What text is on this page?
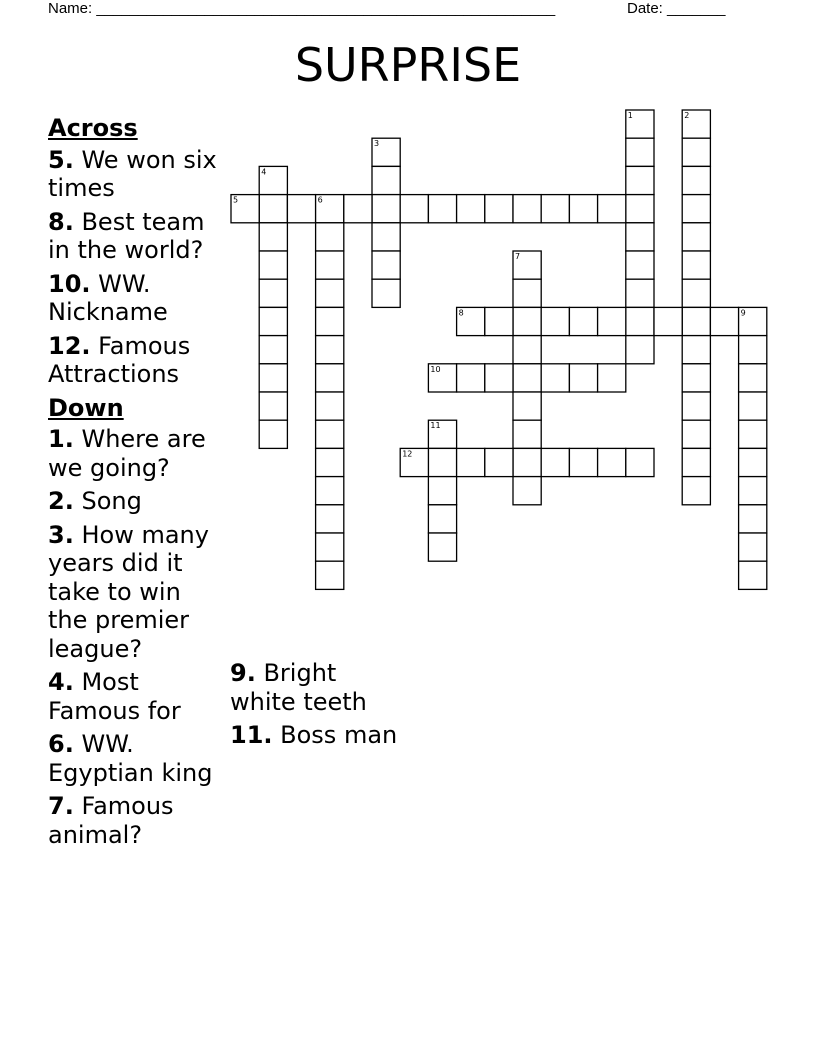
Name: _______________________________________________________	Date: _______
SURPRISE
1	2
3
4
5	6
7
8	9
10
11
12
Across
5. We won six times
8. Best team in the world?
10. WW. Nickname
12. Famous Attractions
Down
1. Where are we going?
2. Song
3. How many years did it take to win the premier league?
4. Most Famous for
6. WW. Egyptian king
7. Famous animal?
9. Bright white teeth
11. Boss man
